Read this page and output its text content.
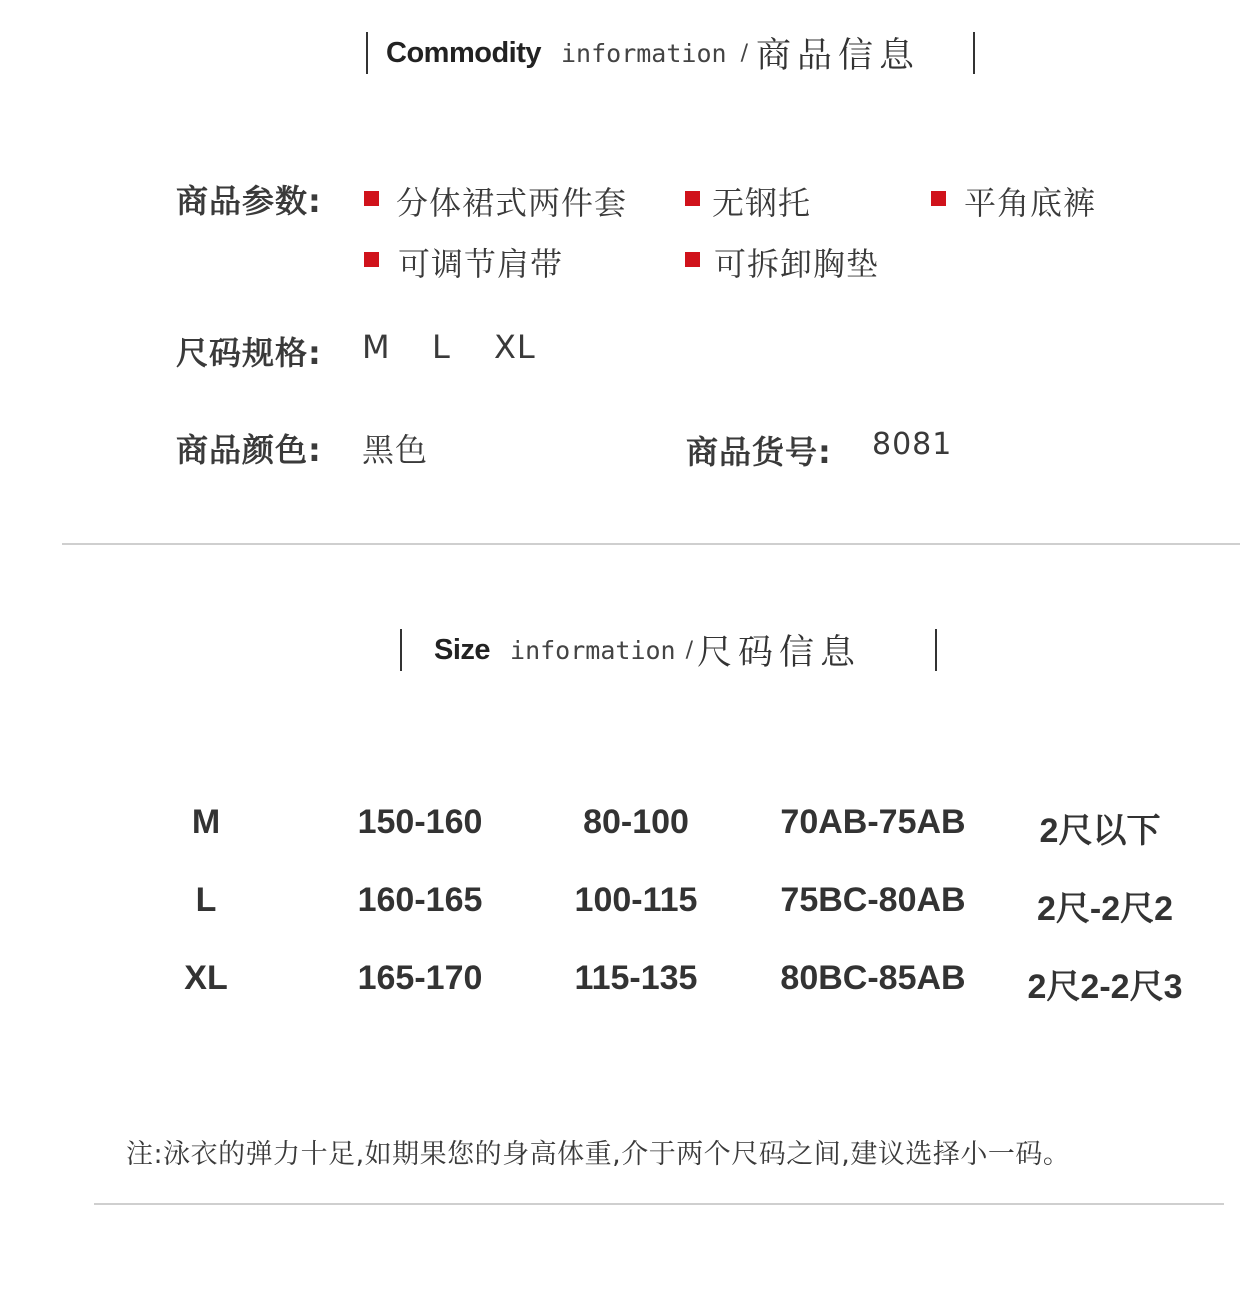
Commodity information / 商品信息
商品参数: 分体裙式两件套	无钢托	平角底裤
可调节肩带	可拆卸胸垫
尺码规格: M L XL
商品颜色: 黑色	商品货号: 8081
Size information / 尺码信息
M	150-160	80-100	70AB-75AB 2尺以下
L	160-165	100-115 75BC-80AB 2尺-2尺2
XL	165-170	115-135 80BC-85AB 2尺2-2尺3
注:泳衣的弹力十足,如期果您的身高体重,介于两个尺码之间,建议选择小一码。
